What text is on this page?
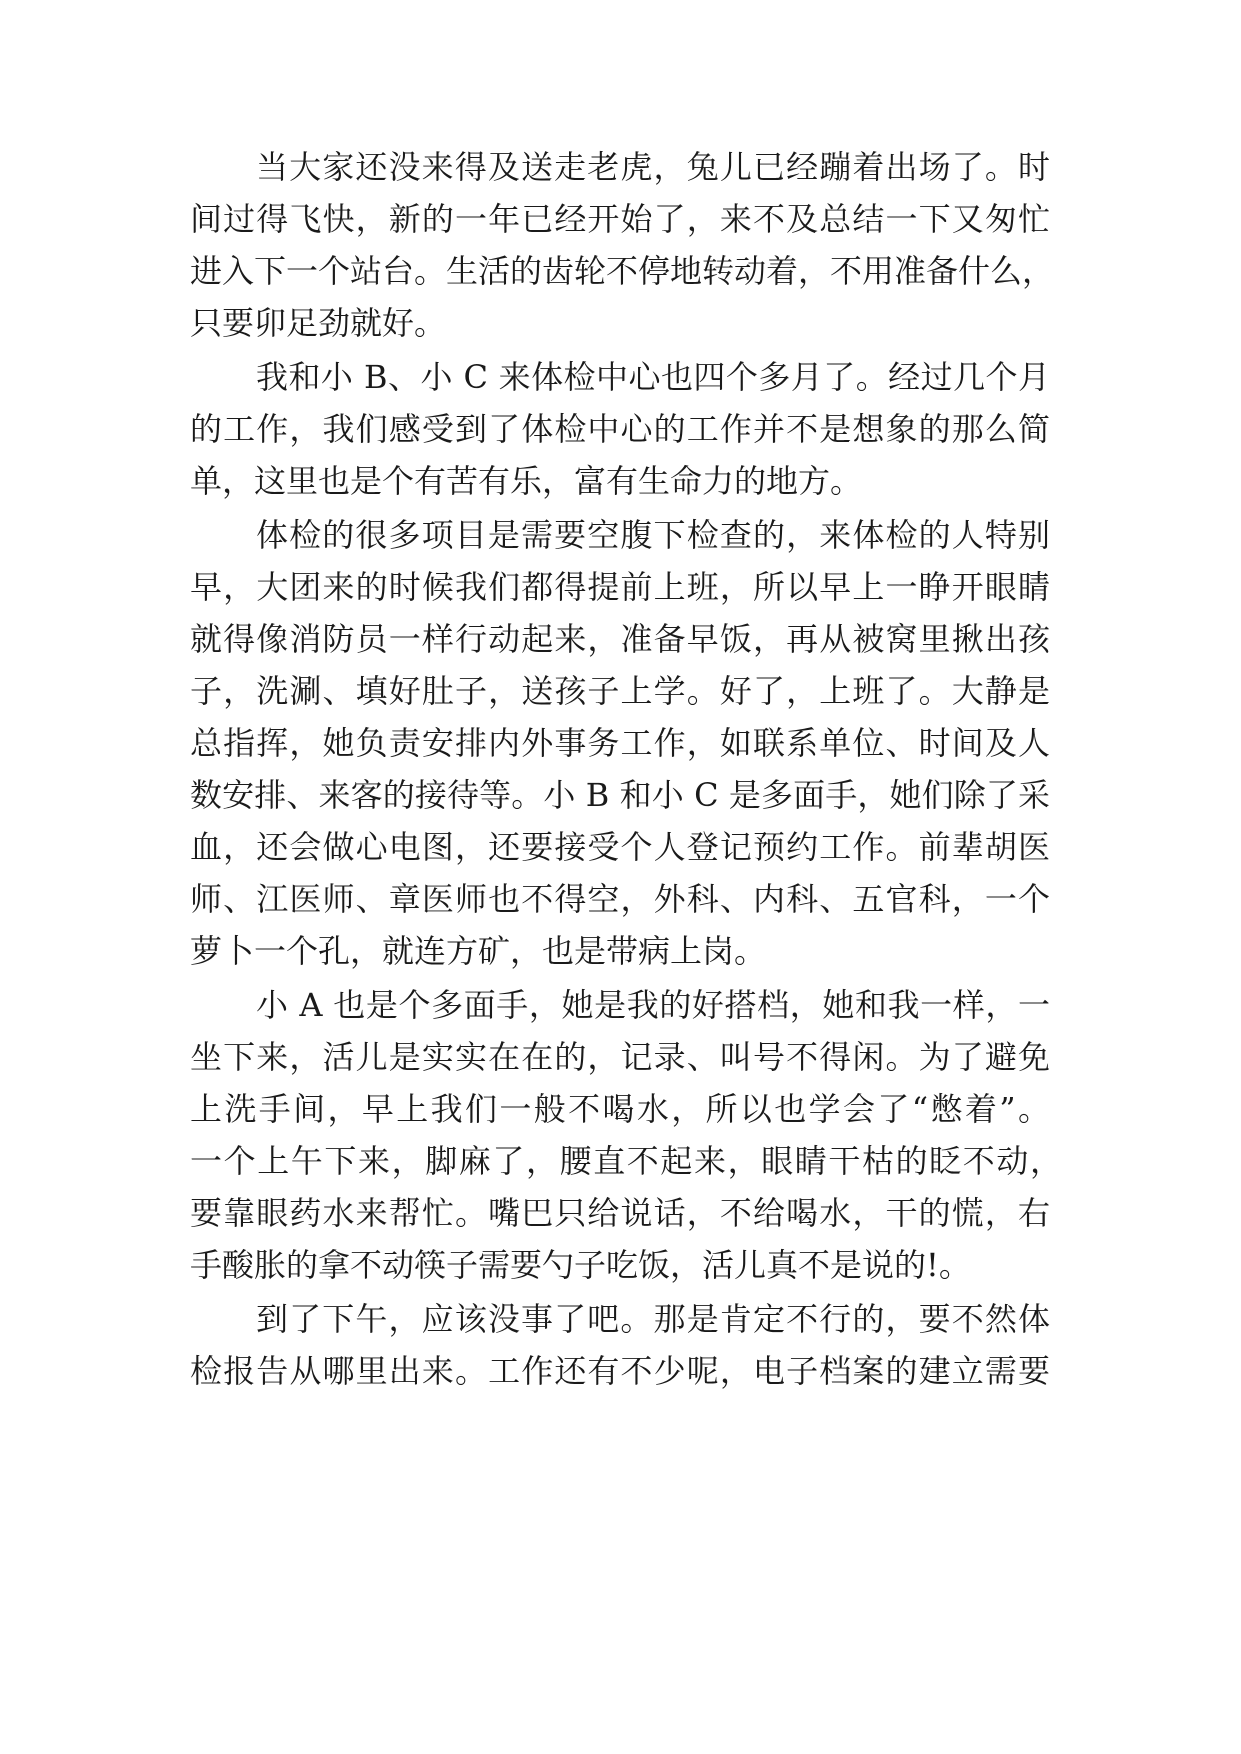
当大家还没来得及送走老虎，兔儿已经蹦着出场了。时
间过得飞快，新的一年已经开始了，来不及总结一下又匆忙
进入下一个站台。生活的齿轮不停地转动着，不用准备什么，
只要卯足劲就好。
我和小 B、小 C 来体检中心也四个多月了。经过几个月
的工作，我们感受到了体检中心的工作并不是想象的那么简
单，这里也是个有苦有乐，富有生命力的地方。
体检的很多项目是需要空腹下检查的，来体检的人特别
早，大团来的时候我们都得提前上班，所以早上一睁开眼睛
就得像消防员一样行动起来，准备早饭，再从被窝里揪出孩
子，洗涮、填好肚子，送孩子上学。好了，上班了。大静是
总指挥，她负责安排内外事务工作，如联系单位、时间及人
数安排、来客的接待等。小 B 和小 C 是多面手，她们除了采
血，还会做心电图，还要接受个人登记预约工作。前辈胡医
师、江医师、章医师也不得空，外科、内科、五官科，一个
萝卜一个孔，就连方矿，也是带病上岗。
小 A 也是个多面手，她是我的好搭档，她和我一样，一
坐下来，活儿是实实在在的，记录、叫号不得闲。为了避免
上洗手间，早上我们一般不喝水，所以也学会了“憋着”。
一个上午下来，脚麻了，腰直不起来，眼睛干枯的眨不动，
要靠眼药水来帮忙。嘴巴只给说话，不给喝水，干的慌，右
手酸胀的拿不动筷子需要勺子吃饭，活儿真不是说的!。
到了下午，应该没事了吧。那是肯定不行的，要不然体
检报告从哪里出来。工作还有不少呢，电子档案的建立需要
